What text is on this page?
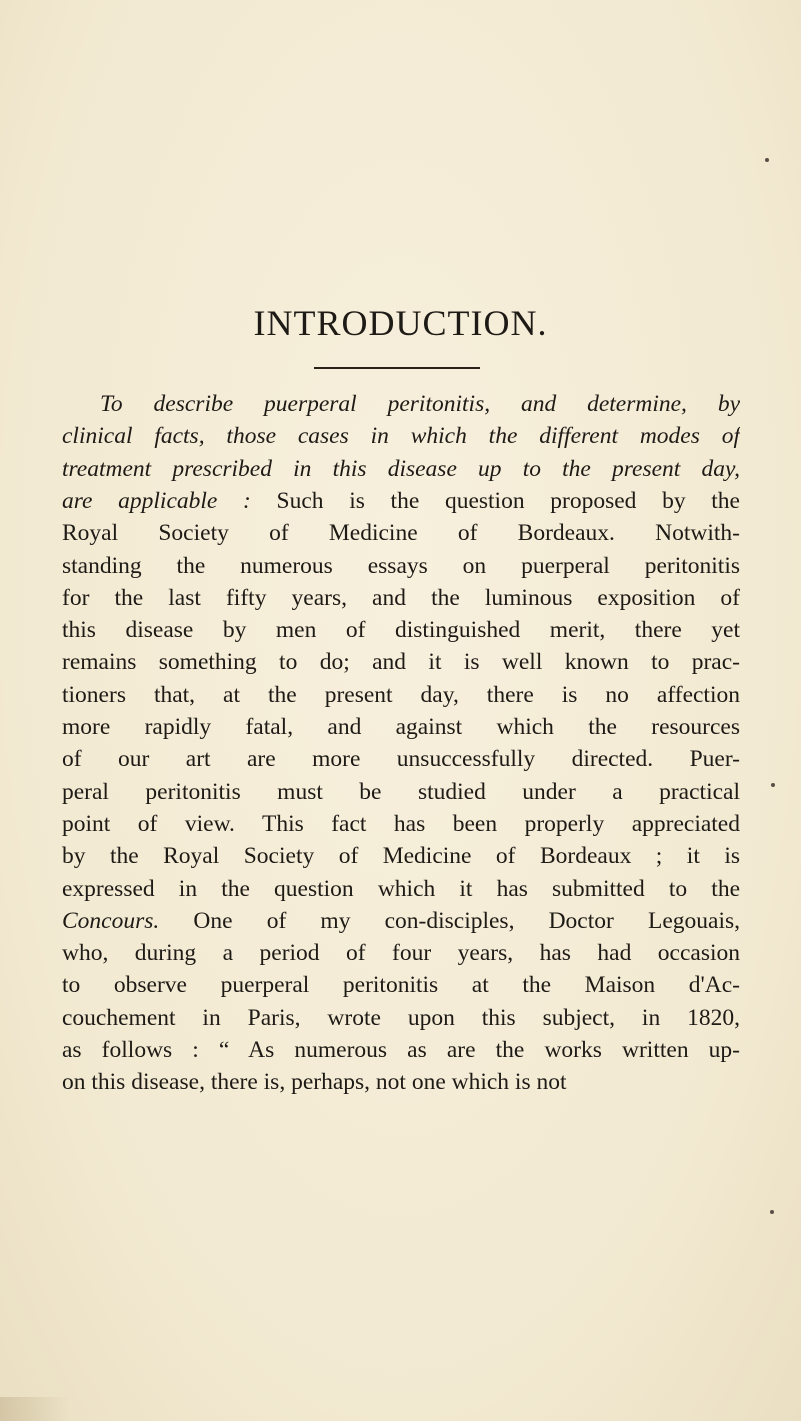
INTRODUCTION.
To describe puerperal peritonitis, and determine, by
clinical facts, those cases in which the different modes of
treatment prescribed in this disease up to the present day,
are applicable : Such is the question proposed by the
Royal Society of Medicine of Bordeaux. Notwith-
standing the numerous essays on puerperal peritonitis
for the last fifty years, and the luminous exposition of
this disease by men of distinguished merit, there yet
remains something to do; and it is well known to prac-
tioners that, at the present day, there is no affection
more rapidly fatal, and against which the resources
of our art are more unsuccessfully directed. Puer-
peral peritonitis must be studied under a practical
point of view. This fact has been properly appreciated
by the Royal Society of Medicine of Bordeaux ; it is
expressed in the question which it has submitted to the
Concours. One of my con-disciples, Doctor Legouais,
who, during a period of four years, has had occasion
to observe puerperal peritonitis at the Maison d'Ac-
couchement in Paris, wrote upon this subject, in 1820,
as follows : “ As numerous as are the works written up-
on this disease, there is, perhaps, not one which is not
